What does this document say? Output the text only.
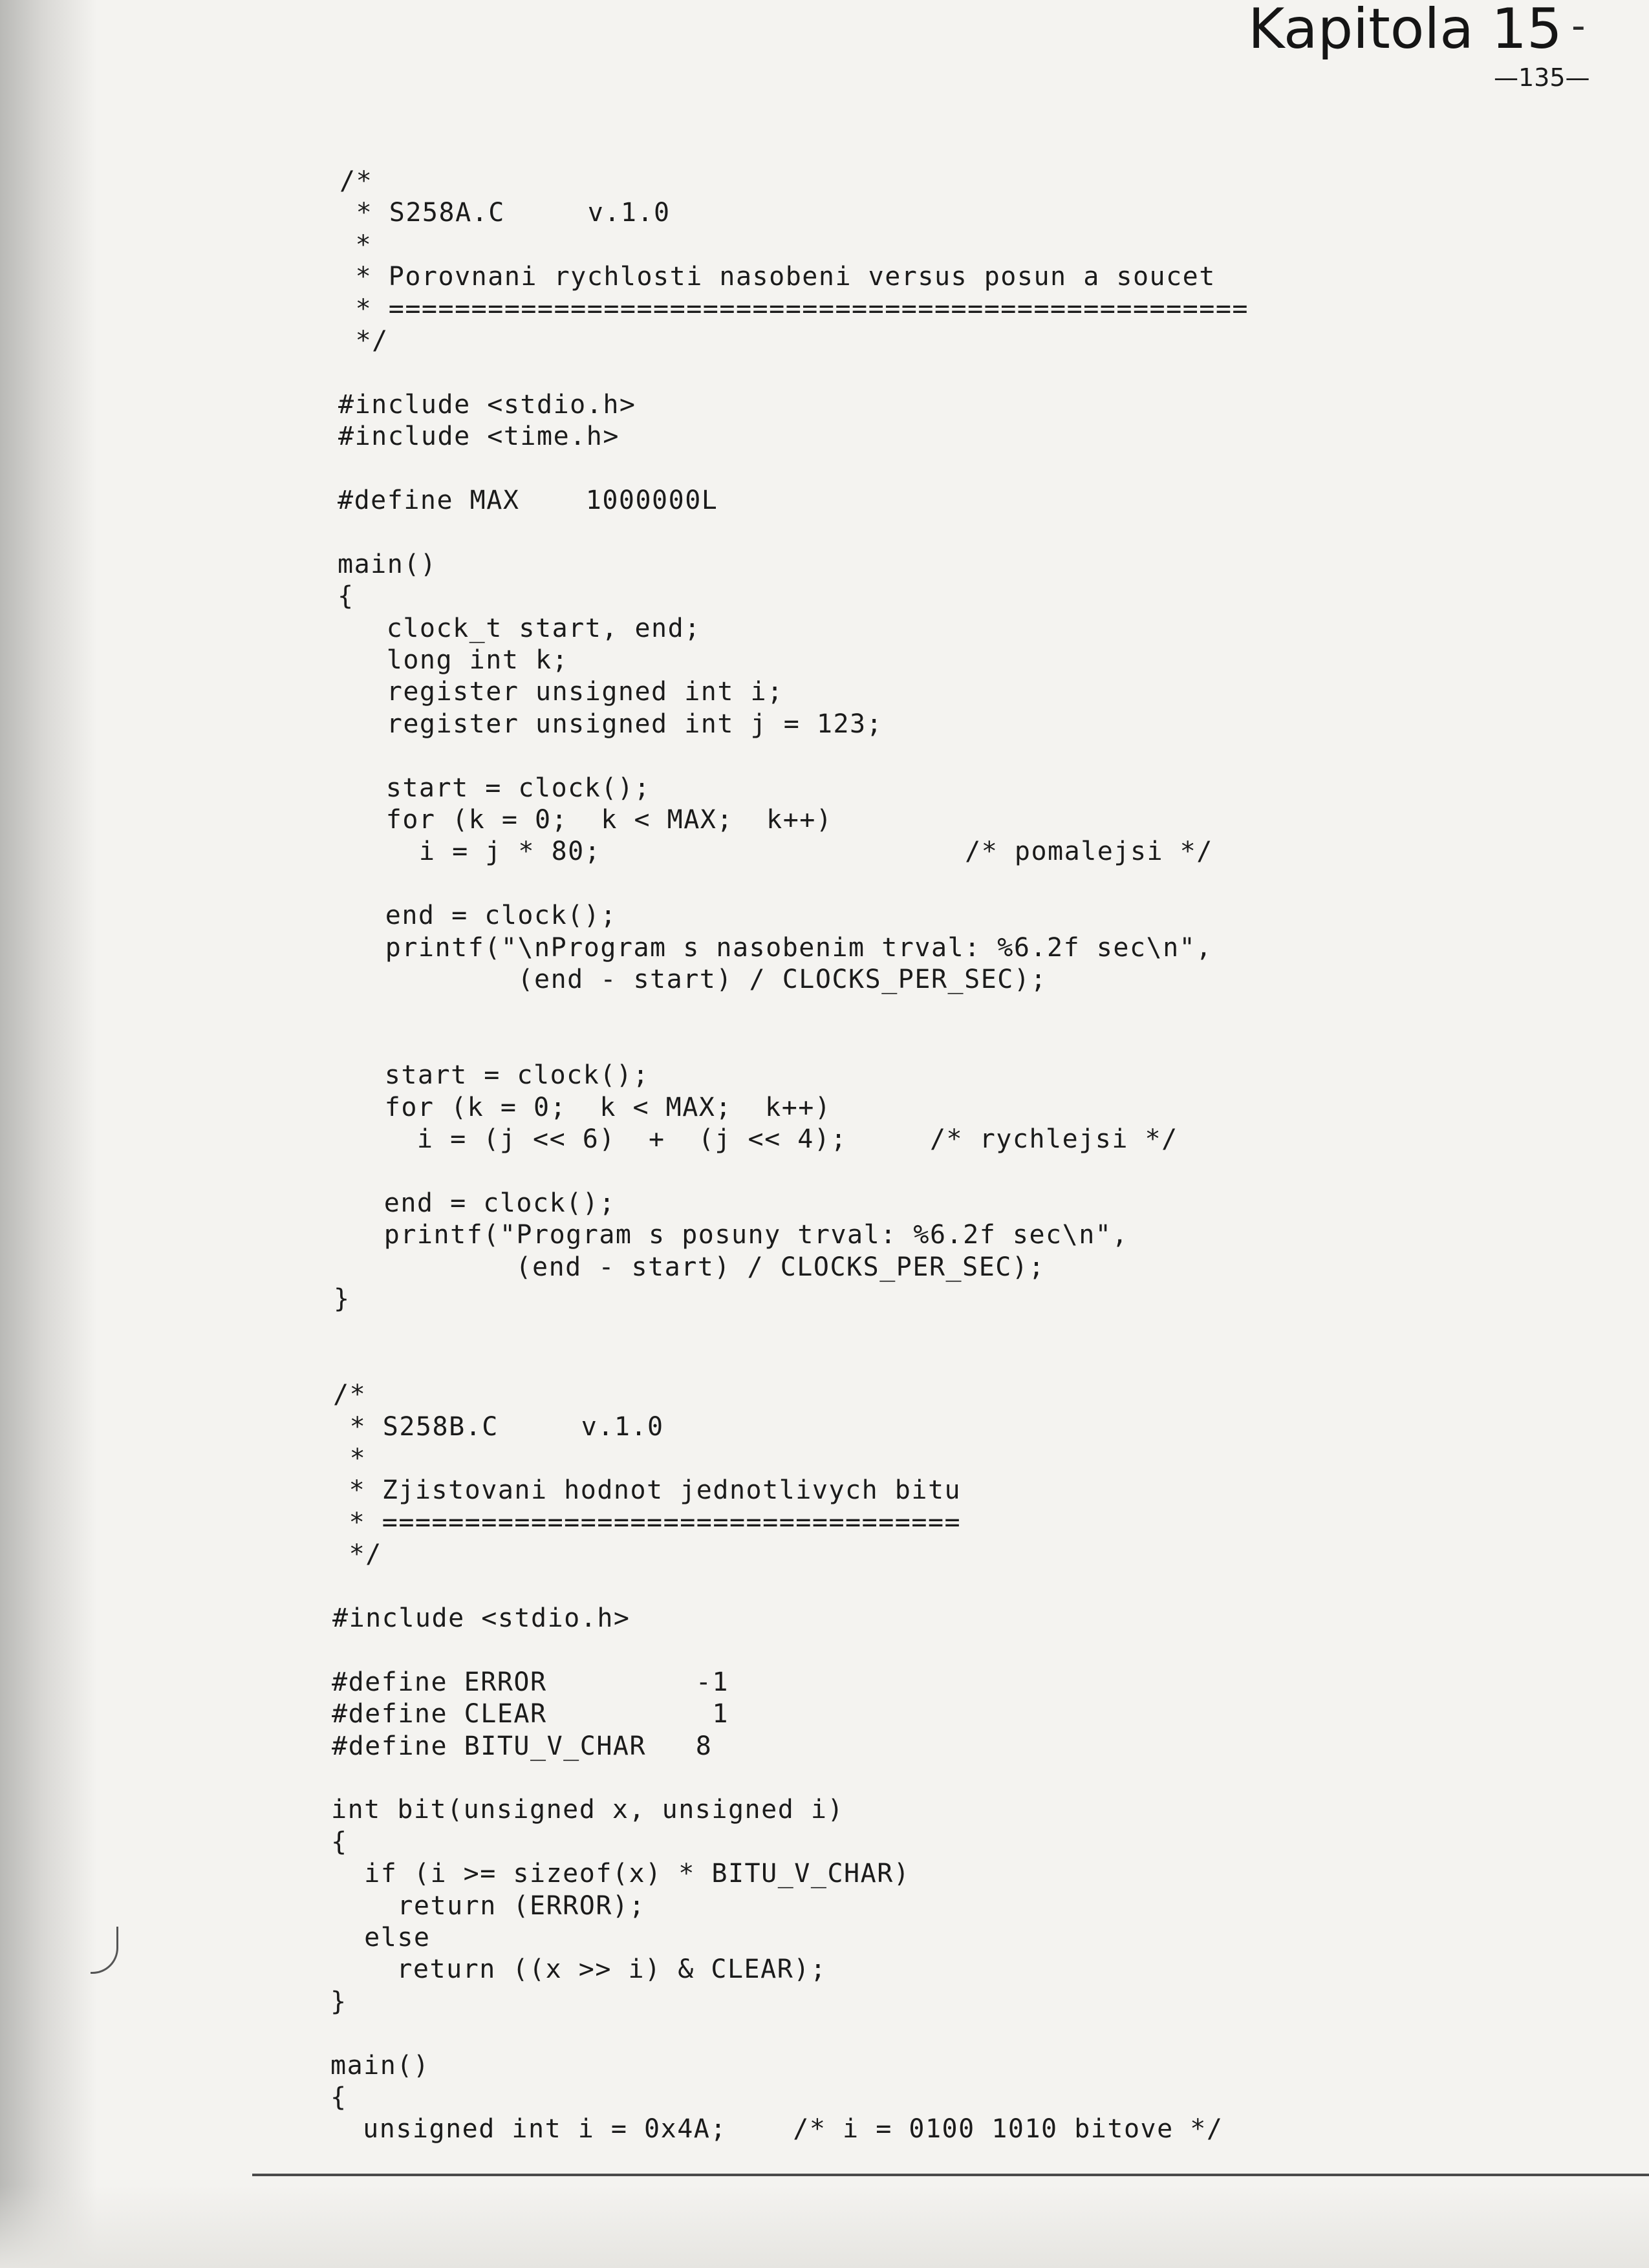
Kapitola 15 -
—135—
/*
* S258A.C     v.1.0
*
* Porovnani rychlosti nasobeni versus posun a soucet
* ====================================================
*/
#include <stdio.h>
#include <time.h>
#define MAX    1000000L
main()
{
clock_t start, end;
long int k;
register unsigned int i;
register unsigned int j = 123;
start = clock();
for (k = 0;  k < MAX;  k++)
i = j * 80;                      /* pomalejsi */
end = clock();
printf("\nProgram s nasobenim trval: %6.2f sec\n",
(end - start) / CLOCKS_PER_SEC);
start = clock();
for (k = 0;  k < MAX;  k++)
i = (j << 6)  +  (j << 4);     /* rychlejsi */
end = clock();
printf("Program s posuny trval: %6.2f sec\n",
(end - start) / CLOCKS_PER_SEC);
}
/*
* S258B.C     v.1.0
*
* Zjistovani hodnot jednotlivych bitu
* ===================================
*/
#include <stdio.h>
#define ERROR         -1
#define CLEAR          1
#define BITU_V_CHAR   8
int bit(unsigned x, unsigned i)
{
if (i >= sizeof(x) * BITU_V_CHAR)
return (ERROR);
else
return ((x >> i) & CLEAR);
}
main()
{
unsigned int i = 0x4A;    /* i = 0100 1010 bitove */
